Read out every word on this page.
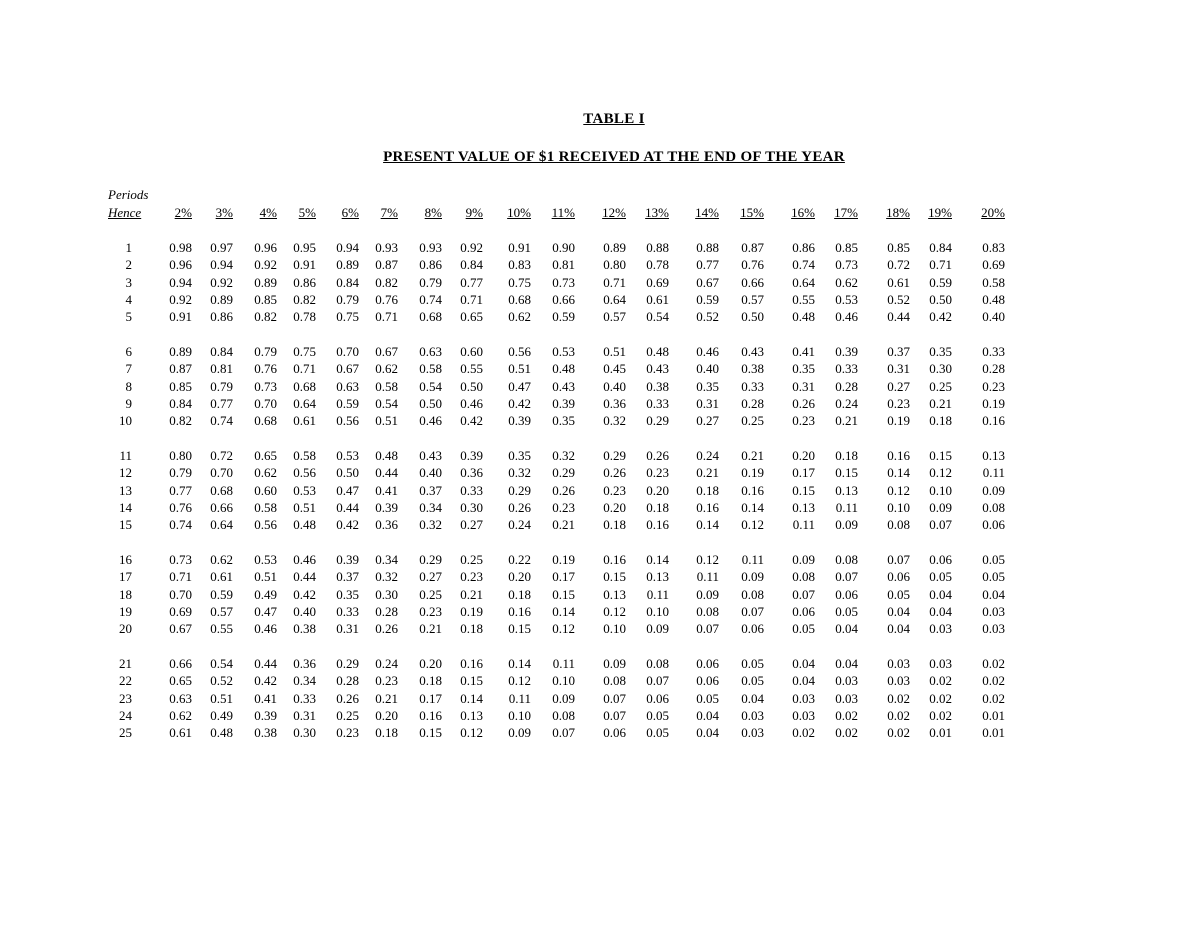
TABLE I
PRESENT VALUE OF $1 RECEIVED AT THE END OF THE YEAR
Periods
Hence	2%	3%	4%	5%	6%	7%	8%	9%	10%	11%	12%	13%	14%	15%	16%	17%	18%	19%	20%
1	0.98	0.97	0.96	0.95	0.94	0.93	0.93	0.92	0.91	0.90	0.89	0.88	0.88	0.87	0.86	0.85	0.85	0.84	0.83
2	0.96	0.94	0.92	0.91	0.89	0.87	0.86	0.84	0.83	0.81	0.80	0.78	0.77	0.76	0.74	0.73	0.72	0.71	0.69
3	0.94	0.92	0.89	0.86	0.84	0.82	0.79	0.77	0.75	0.73	0.71	0.69	0.67	0.66	0.64	0.62	0.61	0.59	0.58
4	0.92	0.89	0.85	0.82	0.79	0.76	0.74	0.71	0.68	0.66	0.64	0.61	0.59	0.57	0.55	0.53	0.52	0.50	0.48
5	0.91	0.86	0.82	0.78	0.75	0.71	0.68	0.65	0.62	0.59	0.57	0.54	0.52	0.50	0.48	0.46	0.44	0.42	0.40
6	0.89	0.84	0.79	0.75	0.70	0.67	0.63	0.60	0.56	0.53	0.51	0.48	0.46	0.43	0.41	0.39	0.37	0.35	0.33
7	0.87	0.81	0.76	0.71	0.67	0.62	0.58	0.55	0.51	0.48	0.45	0.43	0.40	0.38	0.35	0.33	0.31	0.30	0.28
8	0.85	0.79	0.73	0.68	0.63	0.58	0.54	0.50	0.47	0.43	0.40	0.38	0.35	0.33	0.31	0.28	0.27	0.25	0.23
9	0.84	0.77	0.70	0.64	0.59	0.54	0.50	0.46	0.42	0.39	0.36	0.33	0.31	0.28	0.26	0.24	0.23	0.21	0.19
10	0.82	0.74	0.68	0.61	0.56	0.51	0.46	0.42	0.39	0.35	0.32	0.29	0.27	0.25	0.23	0.21	0.19	0.18	0.16
11	0.80	0.72	0.65	0.58	0.53	0.48	0.43	0.39	0.35	0.32	0.29	0.26	0.24	0.21	0.20	0.18	0.16	0.15	0.13
12	0.79	0.70	0.62	0.56	0.50	0.44	0.40	0.36	0.32	0.29	0.26	0.23	0.21	0.19	0.17	0.15	0.14	0.12	0.11
13	0.77	0.68	0.60	0.53	0.47	0.41	0.37	0.33	0.29	0.26	0.23	0.20	0.18	0.16	0.15	0.13	0.12	0.10	0.09
14	0.76	0.66	0.58	0.51	0.44	0.39	0.34	0.30	0.26	0.23	0.20	0.18	0.16	0.14	0.13	0.11	0.10	0.09	0.08
15	0.74	0.64	0.56	0.48	0.42	0.36	0.32	0.27	0.24	0.21	0.18	0.16	0.14	0.12	0.11	0.09	0.08	0.07	0.06
16	0.73	0.62	0.53	0.46	0.39	0.34	0.29	0.25	0.22	0.19	0.16	0.14	0.12	0.11	0.09	0.08	0.07	0.06	0.05
17	0.71	0.61	0.51	0.44	0.37	0.32	0.27	0.23	0.20	0.17	0.15	0.13	0.11	0.09	0.08	0.07	0.06	0.05	0.05
18	0.70	0.59	0.49	0.42	0.35	0.30	0.25	0.21	0.18	0.15	0.13	0.11	0.09	0.08	0.07	0.06	0.05	0.04	0.04
19	0.69	0.57	0.47	0.40	0.33	0.28	0.23	0.19	0.16	0.14	0.12	0.10	0.08	0.07	0.06	0.05	0.04	0.04	0.03
20	0.67	0.55	0.46	0.38	0.31	0.26	0.21	0.18	0.15	0.12	0.10	0.09	0.07	0.06	0.05	0.04	0.04	0.03	0.03
21	0.66	0.54	0.44	0.36	0.29	0.24	0.20	0.16	0.14	0.11	0.09	0.08	0.06	0.05	0.04	0.04	0.03	0.03	0.02
22	0.65	0.52	0.42	0.34	0.28	0.23	0.18	0.15	0.12	0.10	0.08	0.07	0.06	0.05	0.04	0.03	0.03	0.02	0.02
23	0.63	0.51	0.41	0.33	0.26	0.21	0.17	0.14	0.11	0.09	0.07	0.06	0.05	0.04	0.03	0.03	0.02	0.02	0.02
24	0.62	0.49	0.39	0.31	0.25	0.20	0.16	0.13	0.10	0.08	0.07	0.05	0.04	0.03	0.03	0.02	0.02	0.02	0.01
25	0.61	0.48	0.38	0.30	0.23	0.18	0.15	0.12	0.09	0.07	0.06	0.05	0.04	0.03	0.02	0.02	0.02	0.01	0.01
